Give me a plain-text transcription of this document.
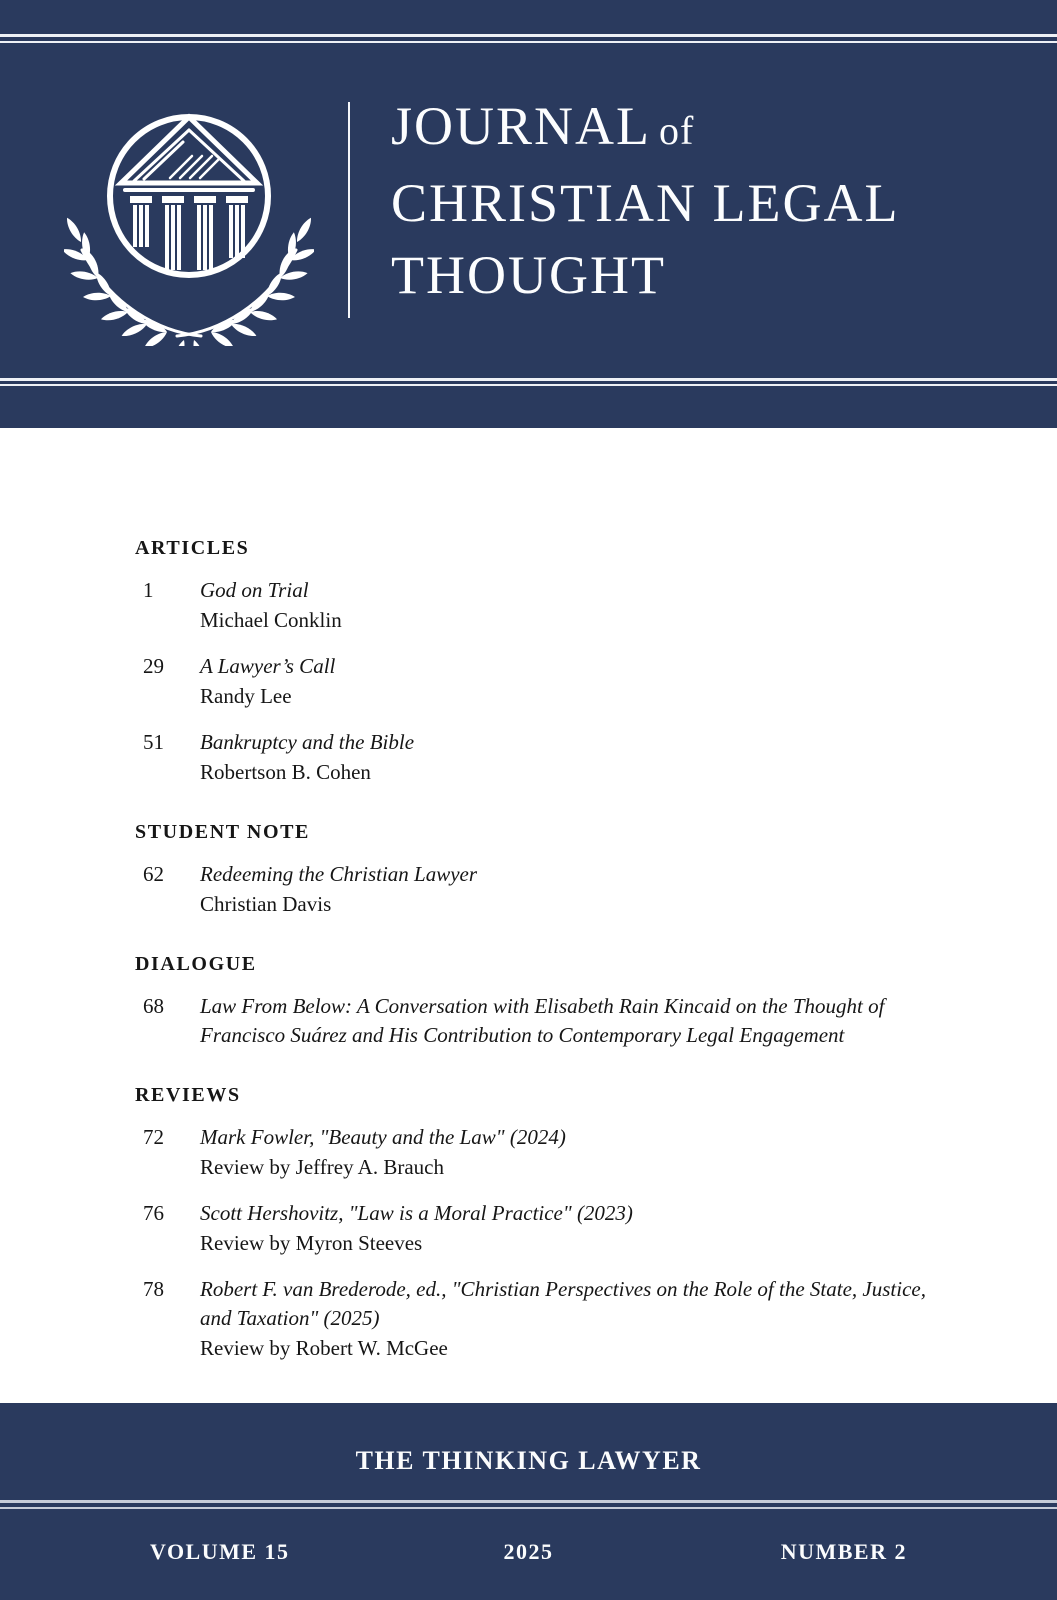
JOURNAL of
CHRISTIAN LEGAL
THOUGHT
ARTICLES
1	God on Trial
Michael Conklin
29	A Lawyer’s Call
Randy Lee
51	Bankruptcy and the Bible
Robertson B. Cohen
STUDENT NOTE
62	Redeeming the Christian Lawyer
Christian Davis
DIALOGUE
68	Law From Below: A Conversation with Elisabeth Rain Kincaid on the Thought of Francisco Suárez and His Contribution to Contemporary Legal Engagement
REVIEWS
72	Mark Fowler, "Beauty and the Law" (2024)
Review by Jeffrey A. Brauch
76	Scott Hershovitz, "Law is a Moral Practice" (2023)
Review by Myron Steeves
78	Robert F. van Brederode, ed., "Christian Perspectives on the Role of the State, Justice, and Taxation" (2025)
Review by Robert W. McGee
THE THINKING LAWYER
VOLUME 15	2025	NUMBER 2
